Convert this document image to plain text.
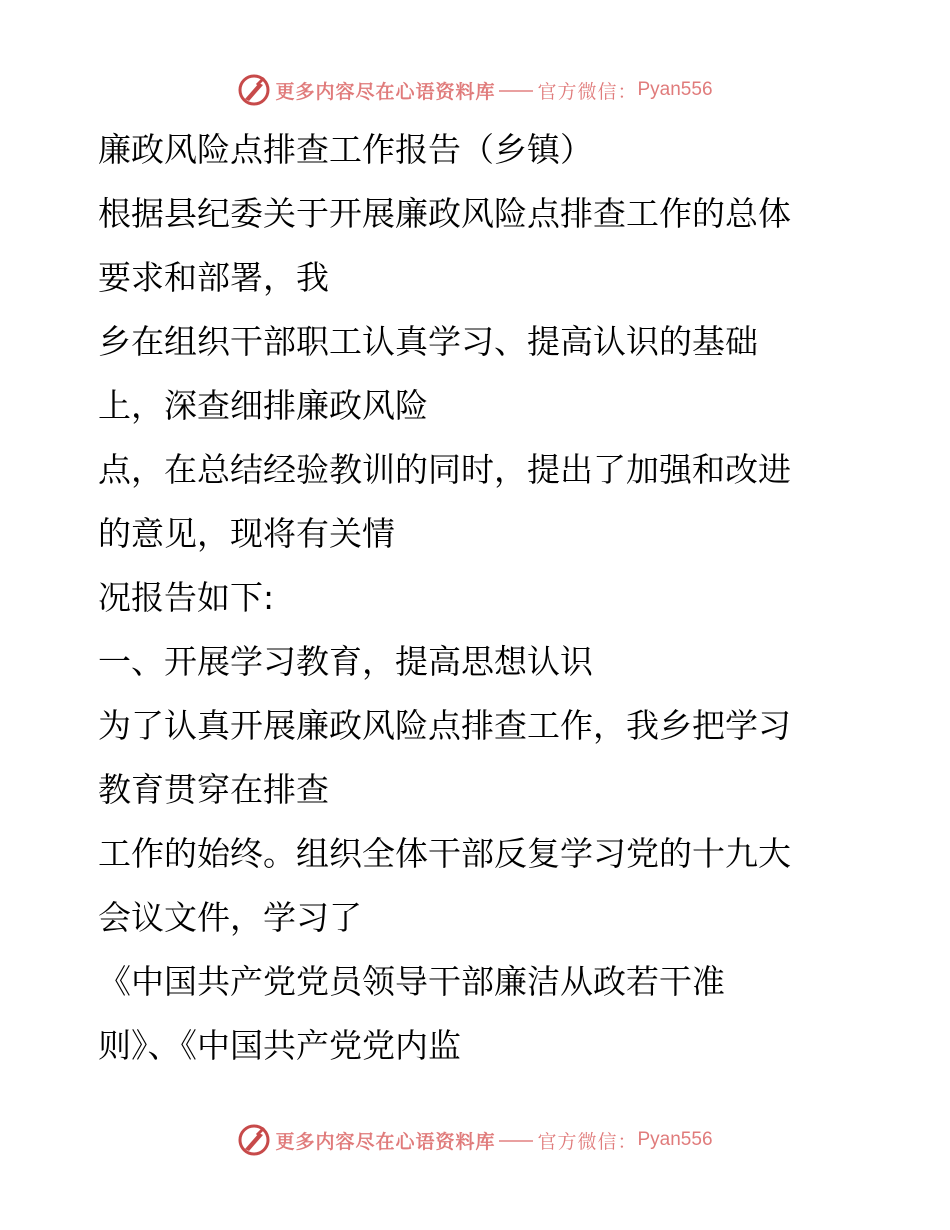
更多内容尽在心语资料库 官方微信： Pyan556
廉政风险点排查工作报告（乡镇）
根据县纪委关于开展廉政风险点排查工作的总体
要求和部署，我
乡在组织干部职工认真学习、提高认识的基础
上，深查细排廉政风险
点，在总结经验教训的同时，提出了加强和改进
的意见，现将有关情
况报告如下:
一、开展学习教育，提高思想认识
为了认真开展廉政风险点排查工作，我乡把学习
教育贯穿在排查
工作的始终。组织全体干部反复学习党的十九大
会议文件，学习了
《中国共产党党员领导干部廉洁从政若干准
则》、《中国共产党党内监
更多内容尽在心语资料库 官方微信： Pyan556
